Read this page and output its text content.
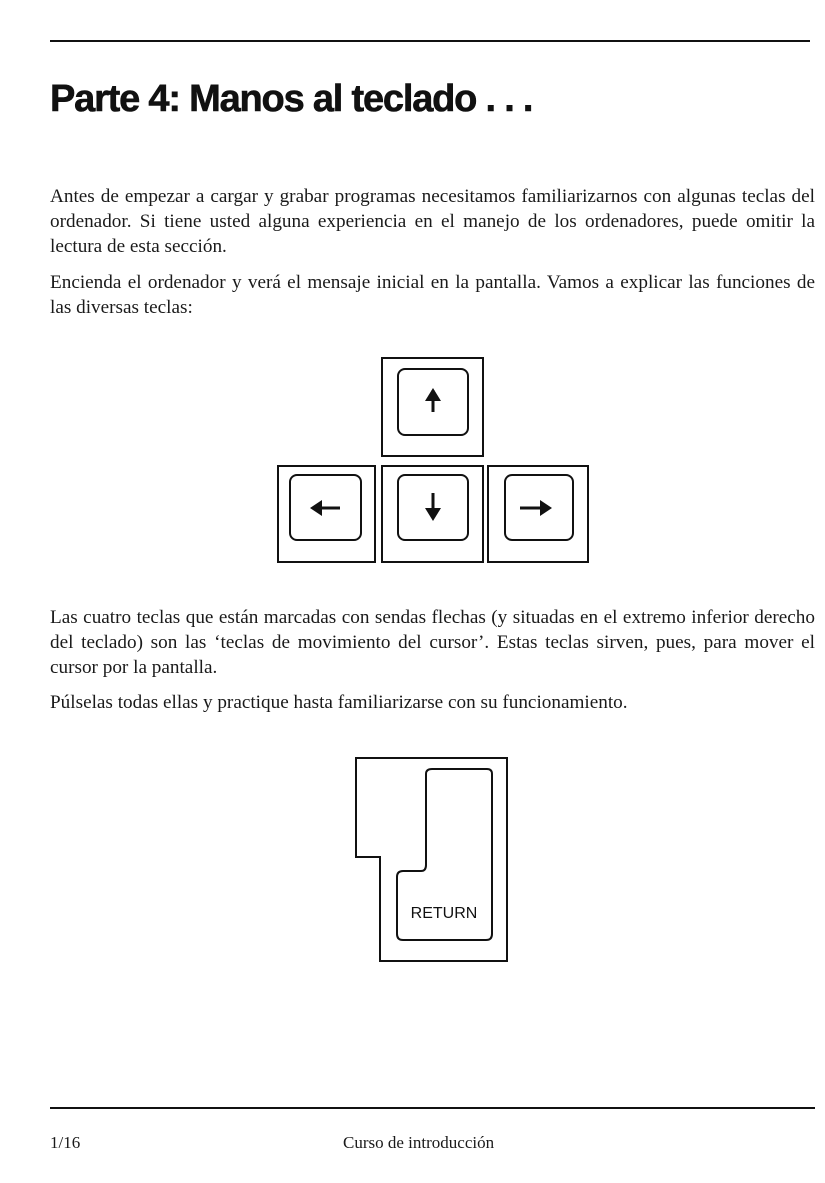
Parte 4: Manos al teclado . . .

Antes de empezar a cargar y grabar programas necesitamos familiarizarnos con algunas teclas del ordenador. Si tiene usted alguna experiencia en el manejo de los ordenadores, puede omitir la lectura de esta sección.

Encienda el ordenador y verá el mensaje inicial en la pantalla. Vamos a explicar las funciones de las diversas teclas:

Las cuatro teclas que están marcadas con sendas flechas (y situadas en el extremo inferior derecho del teclado) son las ‘teclas de movimiento del cursor’. Estas teclas sirven, pues, para mover el cursor por la pantalla.

Púlselas todas ellas y practique hasta familiarizarse con su funcionamiento.

RETURN
1/16	Curso de introducción
